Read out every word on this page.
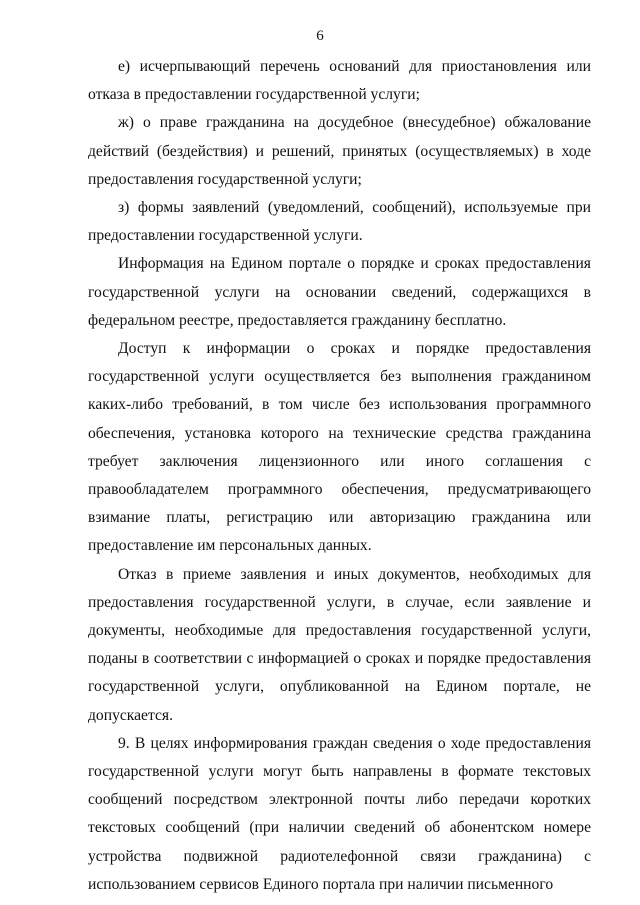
6

е) исчерпывающий перечень оснований для приостановления или отказа в предоставлении государственной услуги;

ж) о праве гражданина на досудебное (внесудебное) обжалование действий (бездействия) и решений, принятых (осуществляемых) в ходе предоставления государственной услуги;

з) формы заявлений (уведомлений, сообщений), используемые при предоставлении государственной услуги.

Информация на Едином портале о порядке и сроках предоставления государственной услуги на основании сведений, содержащихся в федеральном реестре, предоставляется гражданину бесплатно.

Доступ к информации о сроках и порядке предоставления государственной услуги осуществляется без выполнения гражданином каких-либо требований, в том числе без использования программного обеспечения, установка которого на технические средства гражданина требует заключения лицензионного или иного соглашения с правообладателем программного обеспечения, предусматривающего взимание платы, регистрацию или авторизацию гражданина или предоставление им персональных данных.

Отказ в приеме заявления и иных документов, необходимых для предоставления государственной услуги, в случае, если заявление и документы, необходимые для предоставления государственной услуги, поданы в соответствии с информацией о сроках и порядке предоставления государственной услуги, опубликованной на Едином портале, не допускается.

9. В целях информирования граждан сведения о ходе предоставления государственной услуги могут быть направлены в формате текстовых сообщений посредством электронной почты либо передачи коротких текстовых сообщений (при наличии сведений об абонентском номере устройства подвижной радиотелефонной связи гражданина) с использованием сервисов Единого портала при наличии письменного
